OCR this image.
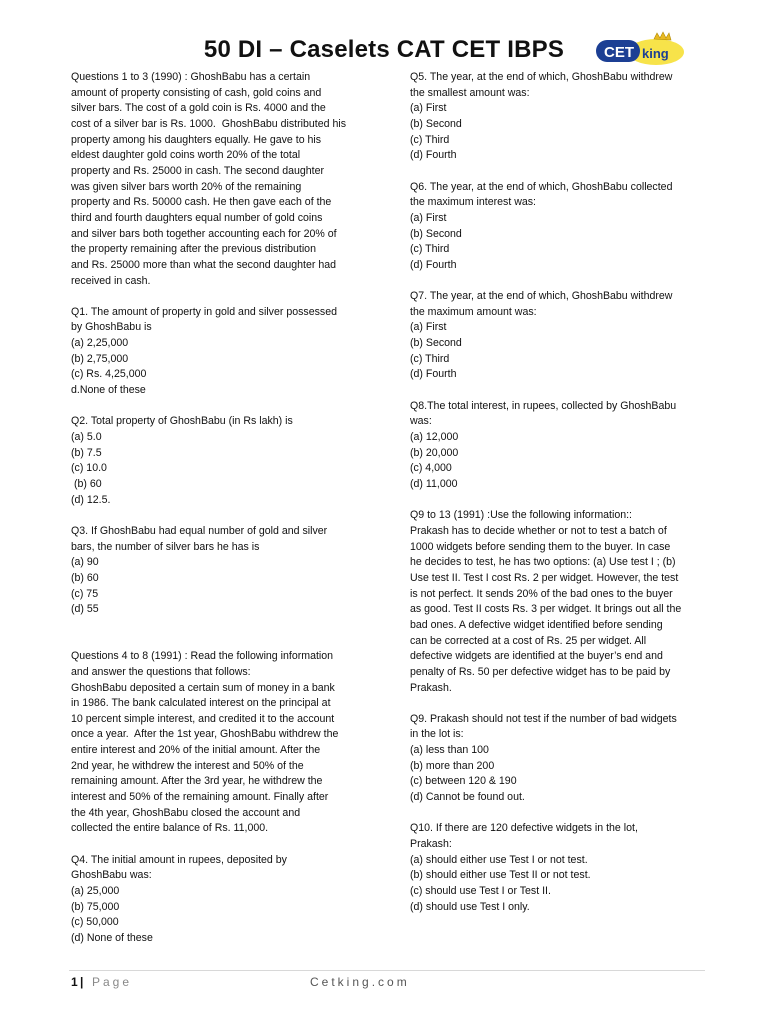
50 DI – Caselets CAT CET IBPS	CET king

Questions 1 to 3 (1990) : GhoshBabu has a certain

amount of property consisting of cash, gold coins and

silver bars. The cost of a gold coin is Rs. 4000 and the

cost of a silver bar is Rs. 1000.  GhoshBabu distributed his

property among his daughters equally. He gave to his

eldest daughter gold coins worth 20% of the total

property and Rs. 25000 in cash. The second daughter

was given silver bars worth 20% of the remaining

property and Rs. 50000 cash. He then gave each of the

third and fourth daughters equal number of gold coins

and silver bars both together accounting each for 20% of

the property remaining after the previous distribution

and Rs. 25000 more than what the second daughter had

received in cash.

Q1. The amount of property in gold and silver possessed

by GhoshBabu is

(a) 2,25,000

(b) 2,75,000

(c) Rs. 4,25,000

d.None of these

Q2. Total property of GhoshBabu (in Rs lakh) is

(a) 5.0

(b) 7.5

(c) 10.0

(b) 60

(d) 12.5.

Q3. If GhoshBabu had equal number of gold and silver

bars, the number of silver bars he has is

(a) 90

(b) 60

(c) 75

(d) 55

Questions 4 to 8 (1991) : Read the following information

and answer the questions that follows:

GhoshBabu deposited a certain sum of money in a bank

in 1986. The bank calculated interest on the principal at

10 percent simple interest, and credited it to the account

once a year.  After the 1st year, GhoshBabu withdrew the

entire interest and 20% of the initial amount. After the

2nd year, he withdrew the interest and 50% of the

remaining amount. After the 3rd year, he withdrew the

interest and 50% of the remaining amount. Finally after

the 4th year, GhoshBabu closed the account and

collected the entire balance of Rs. 11,000.

Q4. The initial amount in rupees, deposited by

GhoshBabu was:

(a) 25,000

(b) 75,000

(c) 50,000

(d) None of these

Q5. The year, at the end of which, GhoshBabu withdrew

the smallest amount was:

(a) First

(b) Second

(c) Third

(d) Fourth

Q6. The year, at the end of which, GhoshBabu collected

the maximum interest was:

(a) First

(b) Second

(c) Third

(d) Fourth

Q7. The year, at the end of which, GhoshBabu withdrew

the maximum amount was:

(a) First

(b) Second

(c) Third

(d) Fourth

Q8.The total interest, in rupees, collected by GhoshBabu

was:

(a) 12,000

(b) 20,000

(c) 4,000

(d) 11,000

Q9 to 13 (1991) :Use the following information::

Prakash has to decide whether or not to test a batch of

1000 widgets before sending them to the buyer. In case

he decides to test, he has two options: (a) Use test I ; (b)

Use test II. Test I cost Rs. 2 per widget. However, the test

is not perfect. It sends 20% of the bad ones to the buyer

as good. Test II costs Rs. 3 per widget. It brings out all the

bad ones. A defective widget identified before sending

can be corrected at a cost of Rs. 25 per widget. All

defective widgets are identified at the buyer’s end and

penalty of Rs. 50 per defective widget has to be paid by

Prakash.

Q9. Prakash should not test if the number of bad widgets

in the lot is:

(a) less than 100

(b) more than 200

(c) between 120 & 190

(d) Cannot be found out.

Q10. If there are 120 defective widgets in the lot,

Prakash:

(a) should either use Test I or not test.

(b) should either use Test II or not test.

(c) should use Test I or Test II.

(d) should use Test I only.

1 | Page	Cetking.com
